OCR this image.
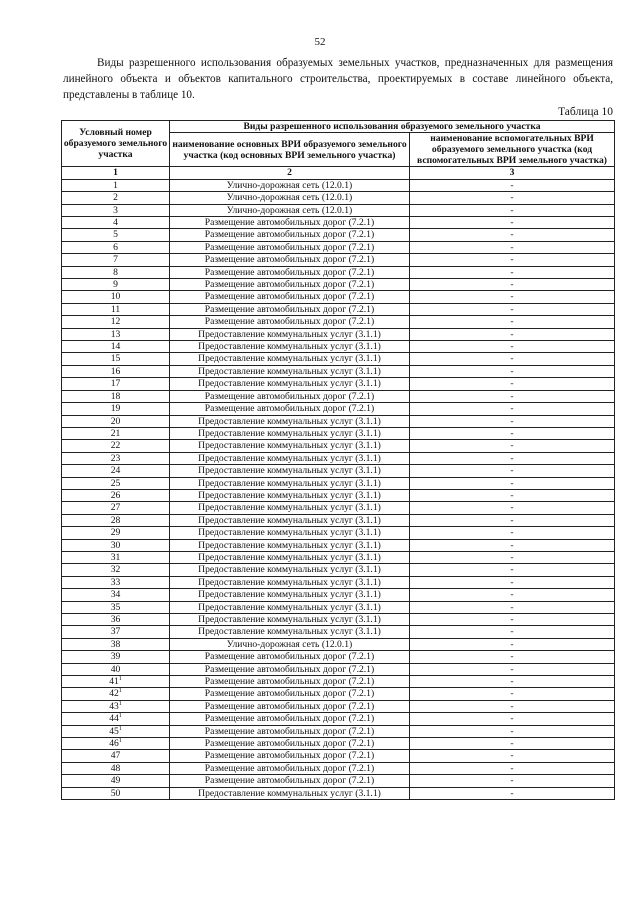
52
Виды разрешенного использования образуемых земельных участков, предназначенных для размещения линейного объекта и объектов капитального строительства, проектируемых в составе линейного объекта, представлены в таблице 10.
Таблица 10
Условный номер образуемого земельного участка	Виды разрешенного использования образуемого земельного участка	
	наименование основных ВРИ образуемого земельного участка (код основных ВРИ земельного участка)	наименование вспомогательных ВРИ образуемого земельного участка (код вспомогательных ВРИ земельного участка)
1	2	3
1	Улично-дорожная сеть (12.0.1)	-
2	Улично-дорожная сеть (12.0.1)	-
3	Улично-дорожная сеть (12.0.1)	-
4	Размещение автомобильных дорог (7.2.1)	-
5	Размещение автомобильных дорог (7.2.1)	-
6	Размещение автомобильных дорог (7.2.1)	-
7	Размещение автомобильных дорог (7.2.1)	-
8	Размещение автомобильных дорог (7.2.1)	-
9	Размещение автомобильных дорог (7.2.1)	-
10	Размещение автомобильных дорог (7.2.1)	-
11	Размещение автомобильных дорог (7.2.1)	-
12	Размещение автомобильных дорог (7.2.1)	-
13	Предоставление коммунальных услуг (3.1.1)	-
14	Предоставление коммунальных услуг (3.1.1)	-
15	Предоставление коммунальных услуг (3.1.1)	-
16	Предоставление коммунальных услуг (3.1.1)	-
17	Предоставление коммунальных услуг (3.1.1)	-
18	Размещение автомобильных дорог (7.2.1)	-
19	Размещение автомобильных дорог (7.2.1)	-
20	Предоставление коммунальных услуг (3.1.1)	-
21	Предоставление коммунальных услуг (3.1.1)	-
22	Предоставление коммунальных услуг (3.1.1)	-
23	Предоставление коммунальных услуг (3.1.1)	-
24	Предоставление коммунальных услуг (3.1.1)	-
25	Предоставление коммунальных услуг (3.1.1)	-
26	Предоставление коммунальных услуг (3.1.1)	-
27	Предоставление коммунальных услуг (3.1.1)	-
28	Предоставление коммунальных услуг (3.1.1)	-
29	Предоставление коммунальных услуг (3.1.1)	-
30	Предоставление коммунальных услуг (3.1.1)	-
31	Предоставление коммунальных услуг (3.1.1)	-
32	Предоставление коммунальных услуг (3.1.1)	-
33	Предоставление коммунальных услуг (3.1.1)	-
34	Предоставление коммунальных услуг (3.1.1)	-
35	Предоставление коммунальных услуг (3.1.1)	-
36	Предоставление коммунальных услуг (3.1.1)	-
37	Предоставление коммунальных услуг (3.1.1)	-
38	Улично-дорожная сеть (12.0.1)	-
39	Размещение автомобильных дорог (7.2.1)	-
40	Размещение автомобильных дорог (7.2.1)	-
$41^1$	Размещение автомобильных дорог (7.2.1)	-
$42^1$	Размещение автомобильных дорог (7.2.1)	-
$43^1$	Размещение автомобильных дорог (7.2.1)	-
$44^1$	Размещение автомобильных дорог (7.2.1)	-
$45^1$	Размещение автомобильных дорог (7.2.1)	-
$46^1$	Размещение автомобильных дорог (7.2.1)	-
47	Размещение автомобильных дорог (7.2.1)	-
48	Размещение автомобильных дорог (7.2.1)	-
49	Размещение автомобильных дорог (7.2.1)	-
50	Предоставление коммунальных услуг (3.1.1)	-
